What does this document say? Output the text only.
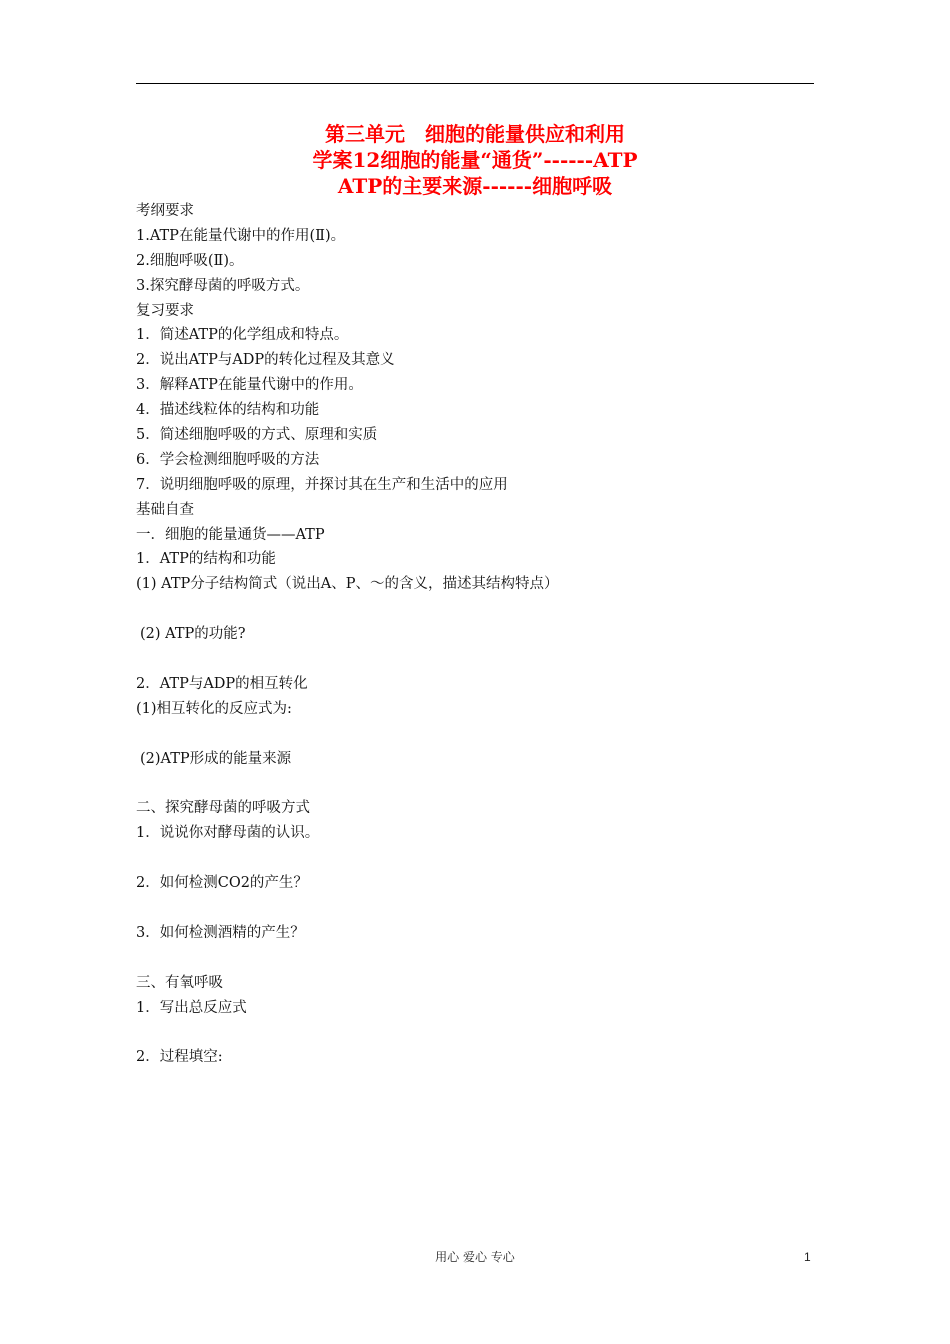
第三单元　细胞的能量供应和利用
学案12细胞的能量“通货”------ATP
ATP的主要来源------细胞呼吸
考纲要求
1.ATP在能量代谢中的作用(Ⅱ)。
2.细胞呼吸(Ⅱ)。
3.探究酵母菌的呼吸方式。
复习要求
1．简述ATP的化学组成和特点。
2．说出ATP与ADP的转化过程及其意义
3．解释ATP在能量代谢中的作用。
4．描述线粒体的结构和功能
5．简述细胞呼吸的方式、原理和实质
6．学会检测细胞呼吸的方法
7．说明细胞呼吸的原理，并探讨其在生产和生活中的应用
基础自查
一．细胞的能量通货——ATP
1．ATP的结构和功能
(1) ATP分子结构简式（说出A、P、～的含义，描述其结构特点）
(2) ATP的功能?
2．ATP与ADP的相互转化
(1)相互转化的反应式为:
(2)ATP形成的能量来源
二、探究酵母菌的呼吸方式
1．说说你对酵母菌的认识。
2．如何检测CO2的产生？
3．如何检测酒精的产生？
三、有氧呼吸
1．写出总反应式
2．过程填空:
用心 爱心 专心	1
